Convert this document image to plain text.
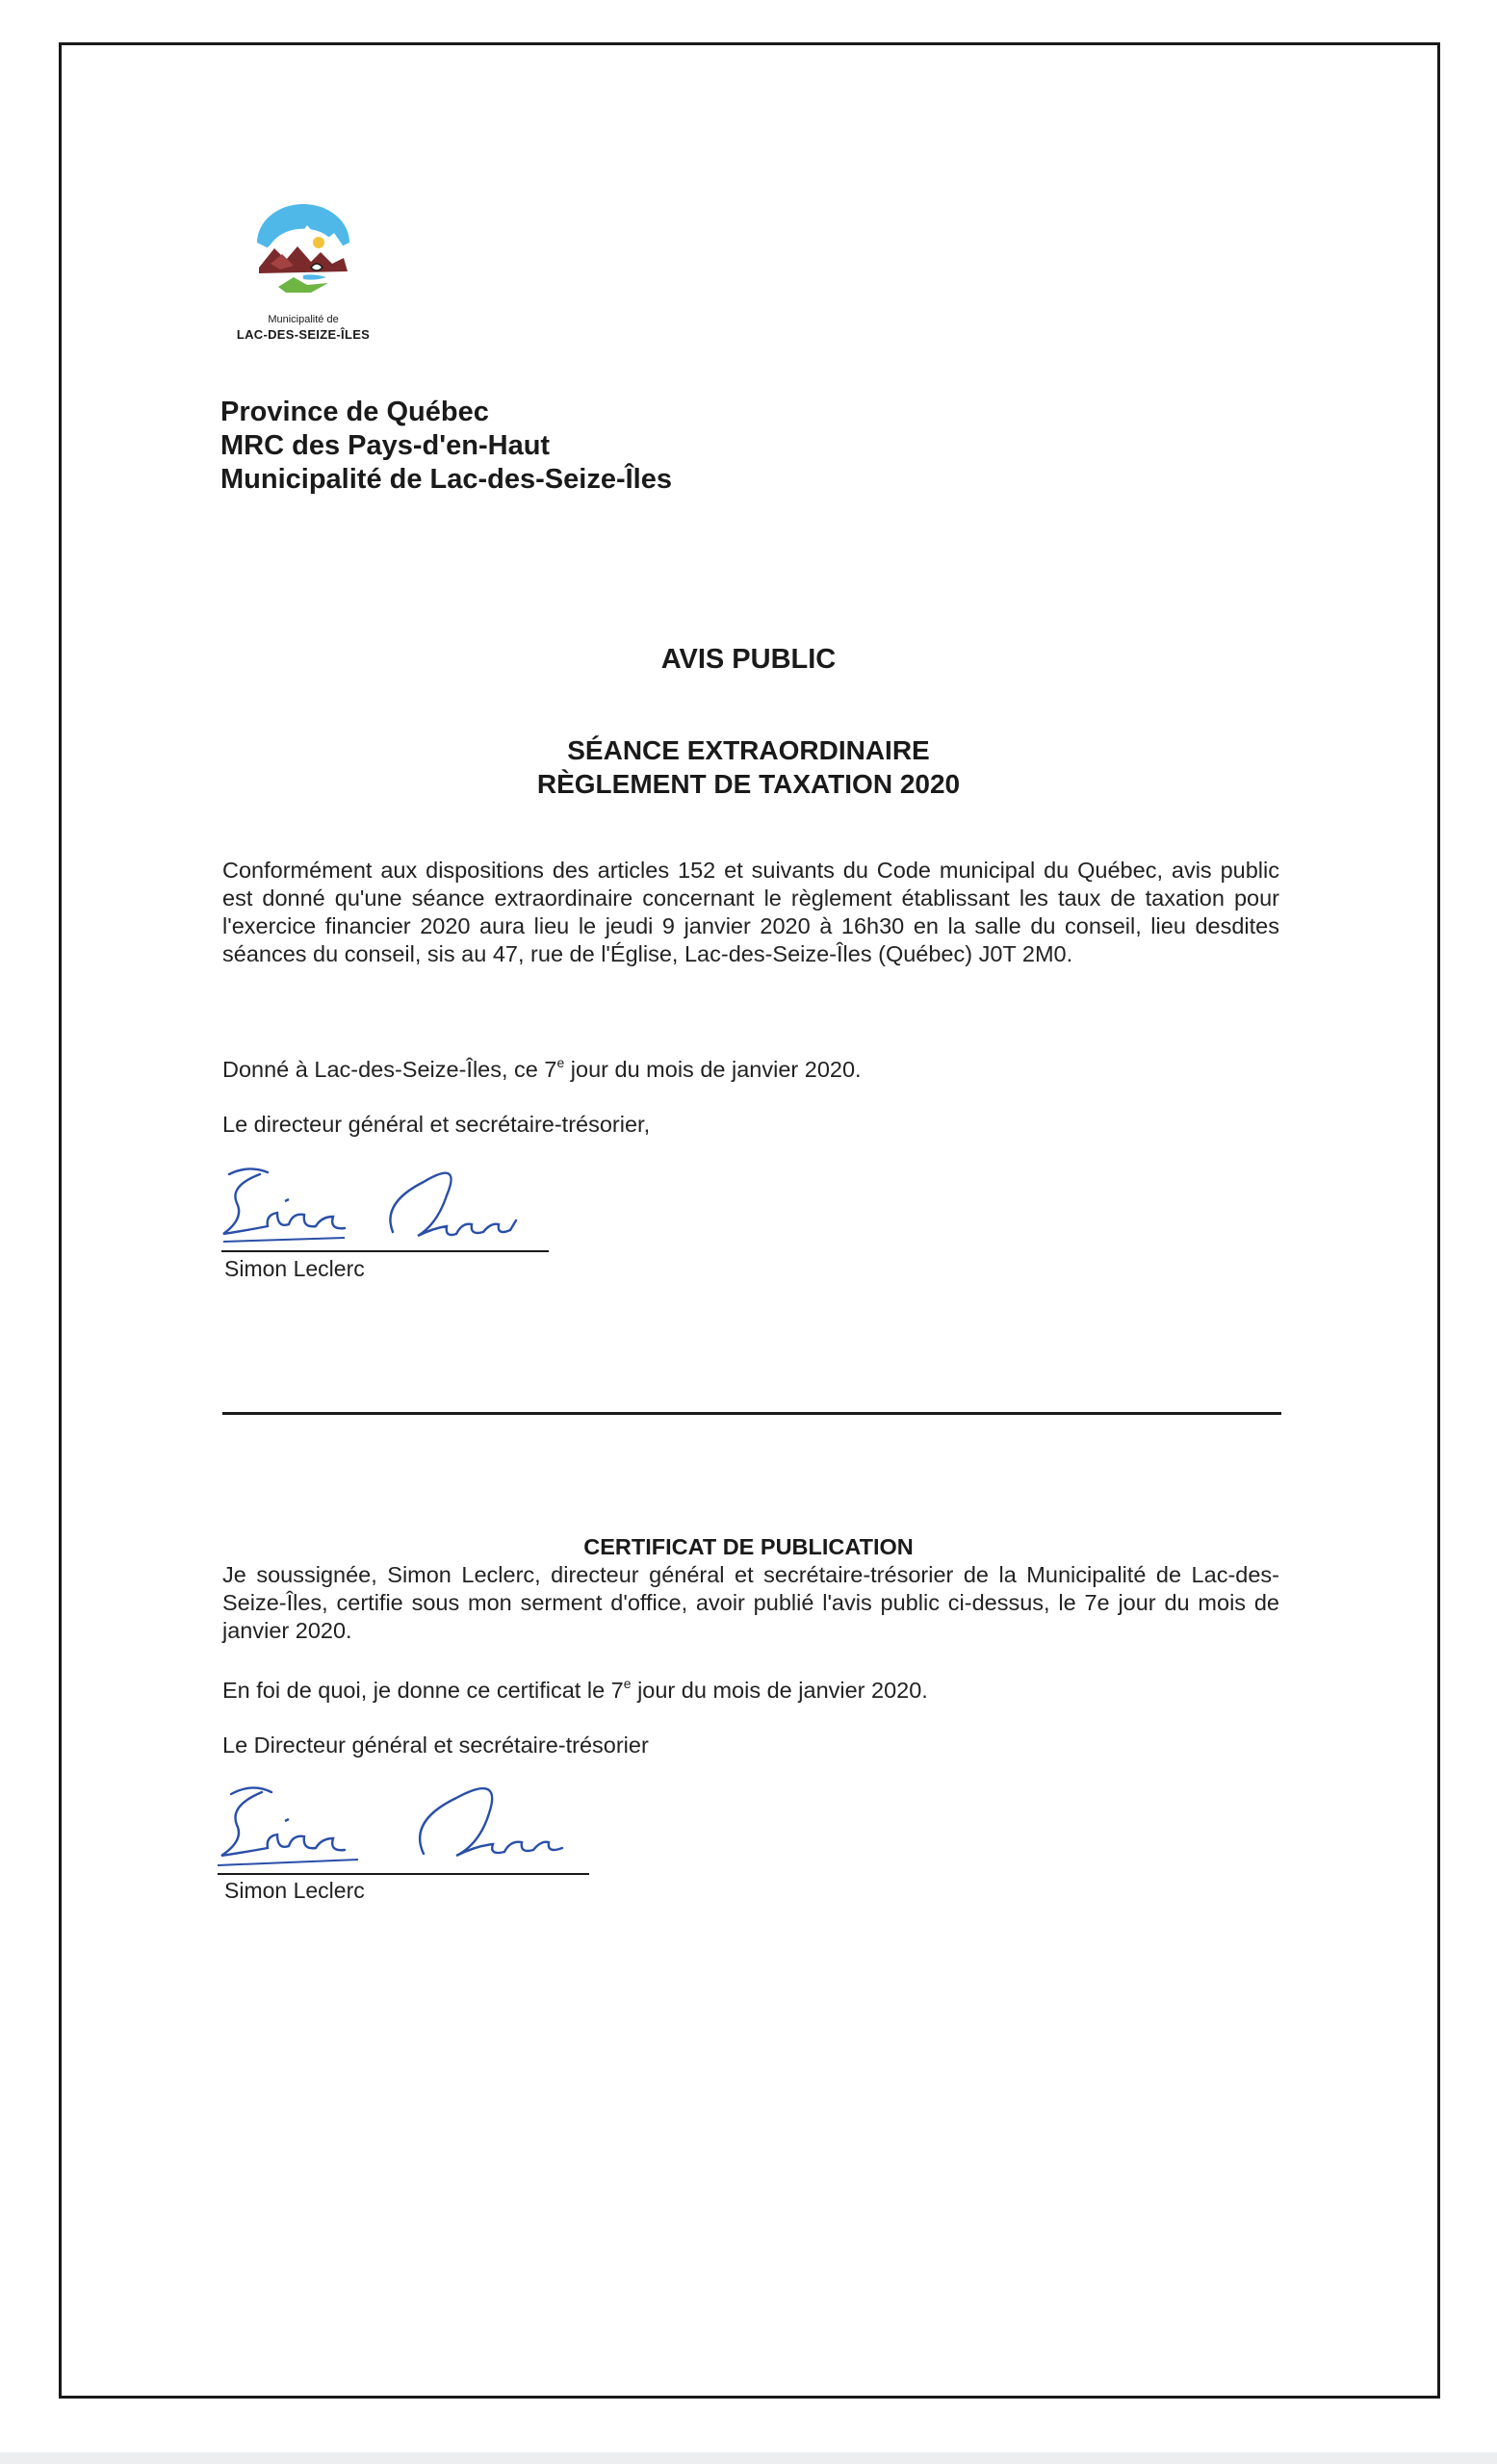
Municipalité de
LAC-DES-SEIZE-ÎLES
Province de Québec
MRC des Pays-d'en-Haut
Municipalité de Lac-des-Seize-Îles
AVIS PUBLIC
SÉANCE EXTRAORDINAIRE
RÈGLEMENT DE TAXATION 2020
Conformément aux dispositions des articles 152 et suivants du Code municipal du Québec, avis public est donné qu'une séance extraordinaire concernant le règlement établissant les taux de taxation pour l'exercice financier 2020 aura lieu le jeudi 9 janvier 2020 à 16h30 en la salle du conseil, lieu desdites séances du conseil, sis au 47, rue de l'Église, Lac-des-Seize-Îles (Québec) J0T 2M0.
Donné à Lac-des-Seize-Îles, ce 7e jour du mois de janvier 2020.
Le directeur général et secrétaire-trésorier,
Simon Leclerc
CERTIFICAT DE PUBLICATION
Je soussignée, Simon Leclerc, directeur général et secrétaire-trésorier de la Municipalité de Lac-des-Seize-Îles, certifie sous mon serment d'office, avoir publié l'avis public ci-dessus, le 7e jour du mois de janvier 2020.
En foi de quoi, je donne ce certificat le 7e jour du mois de janvier 2020.
Le Directeur général et secrétaire-trésorier
Simon Leclerc
